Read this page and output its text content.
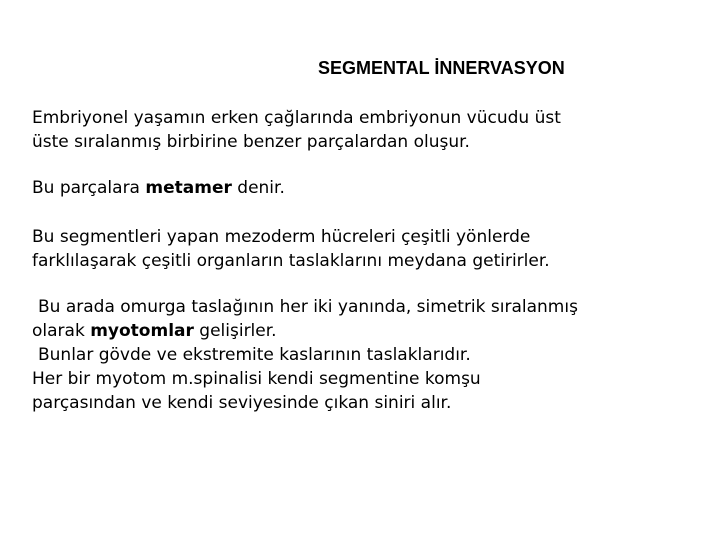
SEGMENTAL İNNERVASYON
Embriyonel yaşamın erken çağlarında embriyonun vücudu üst
üste sıralanmış birbirine benzer parçalardan oluşur.
Bu parçalara metamer denir.
Bu segmentleri yapan mezoderm hücreleri çeşitli yönlerde
farklılaşarak çeşitli organların taslaklarını meydana getirirler.
Bu arada omurga taslağının her iki yanında, simetrik sıralanmış
olarak myotomlar gelişirler.
Bunlar gövde ve ekstremite kaslarının taslaklarıdır.
Her bir myotom m.spinalisi kendi segmentine komşu
parçasından ve kendi seviyesinde çıkan siniri alır.
